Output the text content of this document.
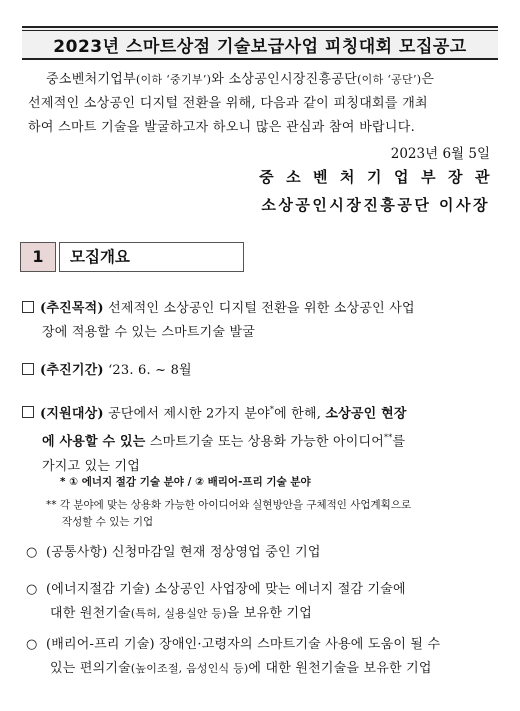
2023년 스마트상점 기술보급사업 피칭대회 모집공고
중소벤처기업부(이하 ‘중기부’)와 소상공인시장진흥공단(이하 ‘공단’)은
선제적인 소상공인 디지털 전환을 위해, 다음과 같이 피칭대회를 개최
하여 스마트 기술을 발굴하고자 하오니 많은 관심과 참여 바랍니다.
2023년 6월 5일
중소벤처기업부장관
소상공인시장진흥공단 이사장
1	모집개요
(추진목적) 선제적인 소상공인 디지털 전환을 위한 소상공인 사업
장에 적용할 수 있는 스마트기술 발굴
(추진기간) ‘23. 6. ~ 8월
(지원대상) 공단에서 제시한 2가지 분야*에 한해, 소상공인 현장
에 사용할 수 있는 스마트기술 또는 상용화 가능한 아이디어**를
가지고 있는 기업
* ① 에너지 절감 기술 분야 / ② 배리어-프리 기술 분야
** 각 분야에 맞는 상용화 가능한 아이디어와 실현방안을 구체적인 사업계획으로
작성할 수 있는 기업
○ (공통사항) 신청마감일 현재 정상영업 중인 기업
○ (에너지절감 기술) 소상공인 사업장에 맞는 에너지 절감 기술에
대한 원천기술(특허, 실용실안 등)을 보유한 기업
○ (배리어-프리 기술) 장애인·고령자의 스마트기술 사용에 도움이 될 수
있는 편의기술(높이조절, 음성인식 등)에 대한 원천기술을 보유한 기업
